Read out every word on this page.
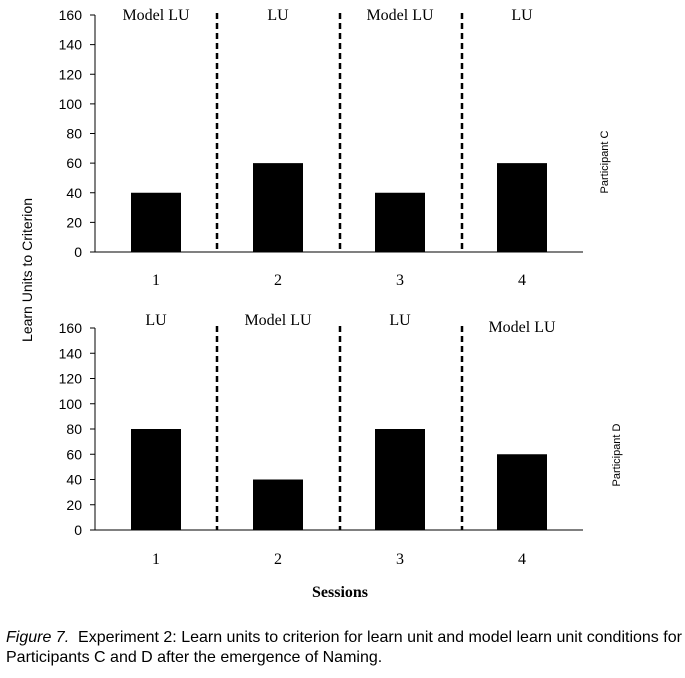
Learn Units to Criterion
Sessions
0
20
40
60
80
100
120
140
160
1	2	3	4
Model LU	LU	Model LU	LU
Participant C
0
20
40
60
80
100
120
140
160
1	2	3	4
LU	Model LU	LU	Model LU
Participant D
Figure 7. Experiment 2: Learn units to criterion for learn unit and model learn unit conditions for Participants C and D after the emergence of Naming.
